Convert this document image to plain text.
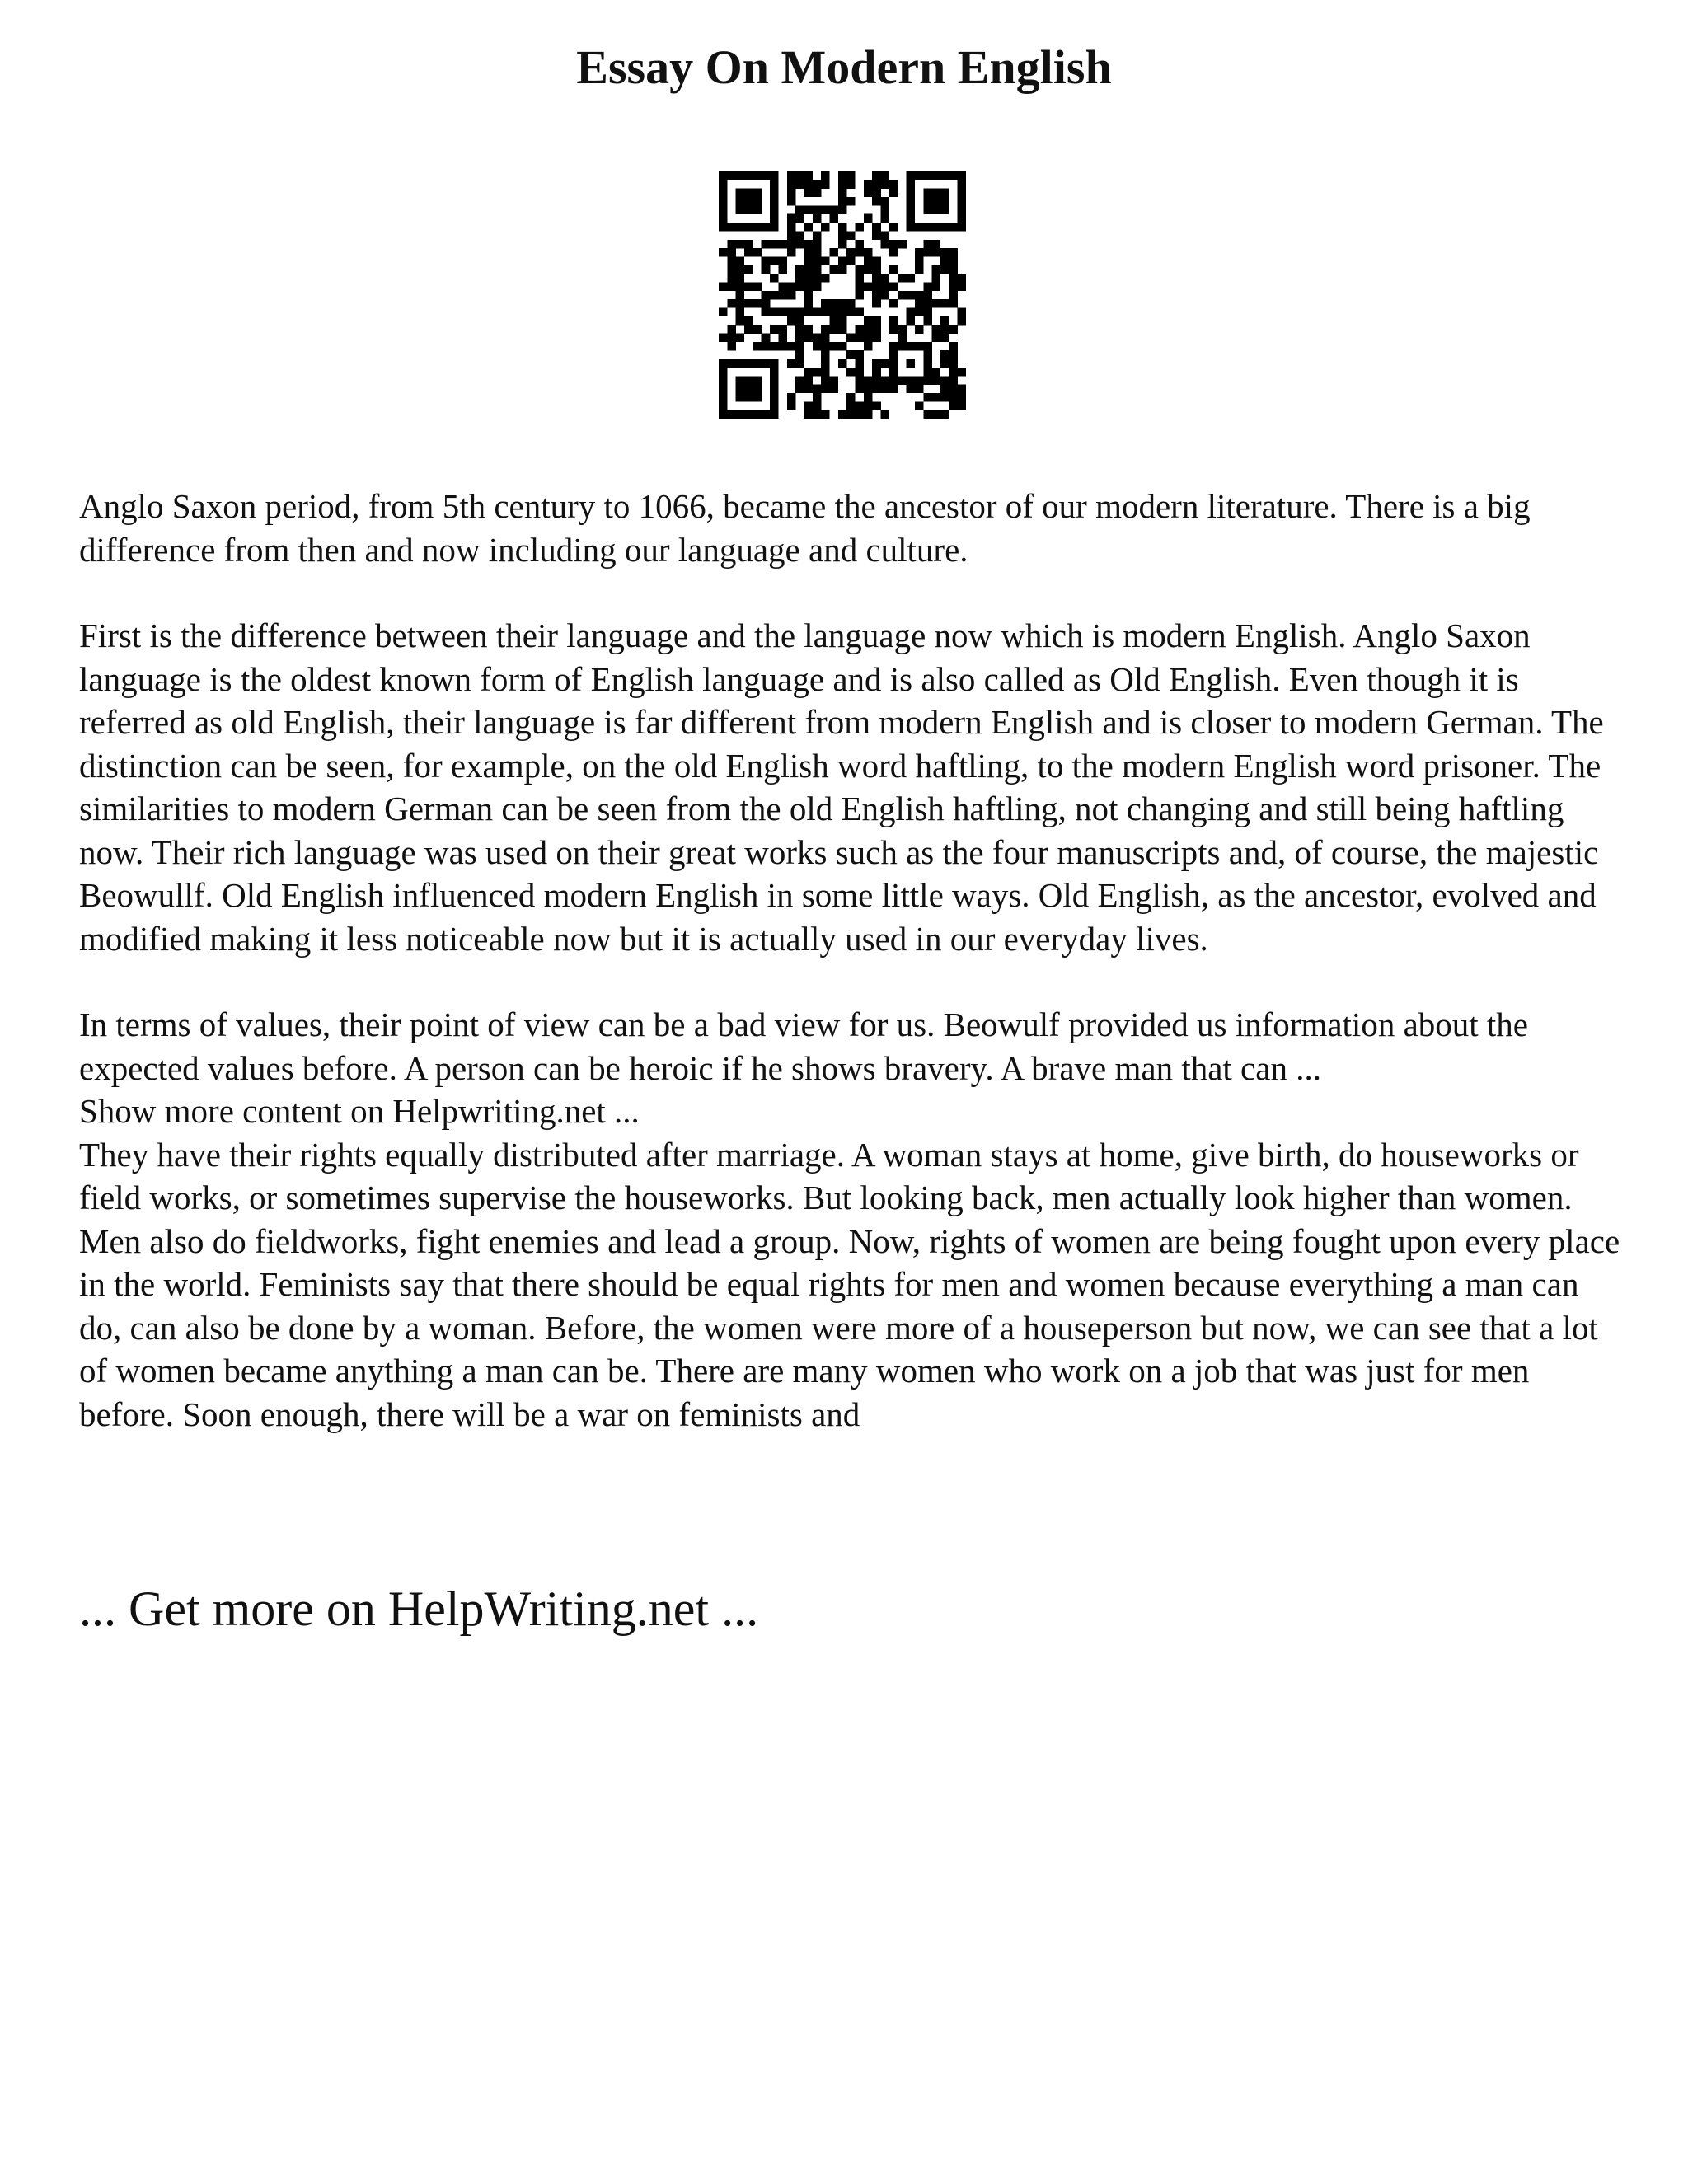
Essay On Modern English

Anglo Saxon period, from 5th century to 1066, became the ancestor of our modern literature. There is a big difference from then and now including our language and culture.

First is the difference between their language and the language now which is modern English. Anglo Saxon language is the oldest known form of English language and is also called as Old English. Even though it is referred as old English, their language is far different from modern English and is closer to modern German. The distinction can be seen, for example, on the old English word haftling, to the modern English word prisoner. The similarities to modern German can be seen from the old English haftling, not changing and still being haftling now. Their rich language was used on their great works such as the four manuscripts and, of course, the majestic Beowullf. Old English influenced modern English in some little ways. Old English, as the ancestor, evolved and modified making it less noticeable now but it is actually used in our everyday lives.

In terms of values, their point of view can be a bad view for us. Beowulf provided us information about the expected values before. A person can be heroic if he shows bravery. A brave man that can ...

Show more content on Helpwriting.net ...

They have their rights equally distributed after marriage. A woman stays at home, give birth, do houseworks or field works, or sometimes supervise the houseworks. But looking back, men actually look higher than women. Men also do fieldworks, fight enemies and lead a group. Now, rights of women are being fought upon every place in the world. Feminists say that there should be equal rights for men and women because everything a man can do, can also be done by a woman. Before, the women were more of a houseperson but now, we can see that a lot of women became anything a man can be. There are many women who work on a job that was just for men before. Soon enough, there will be a war on feminists and

... Get more on HelpWriting.net ...
